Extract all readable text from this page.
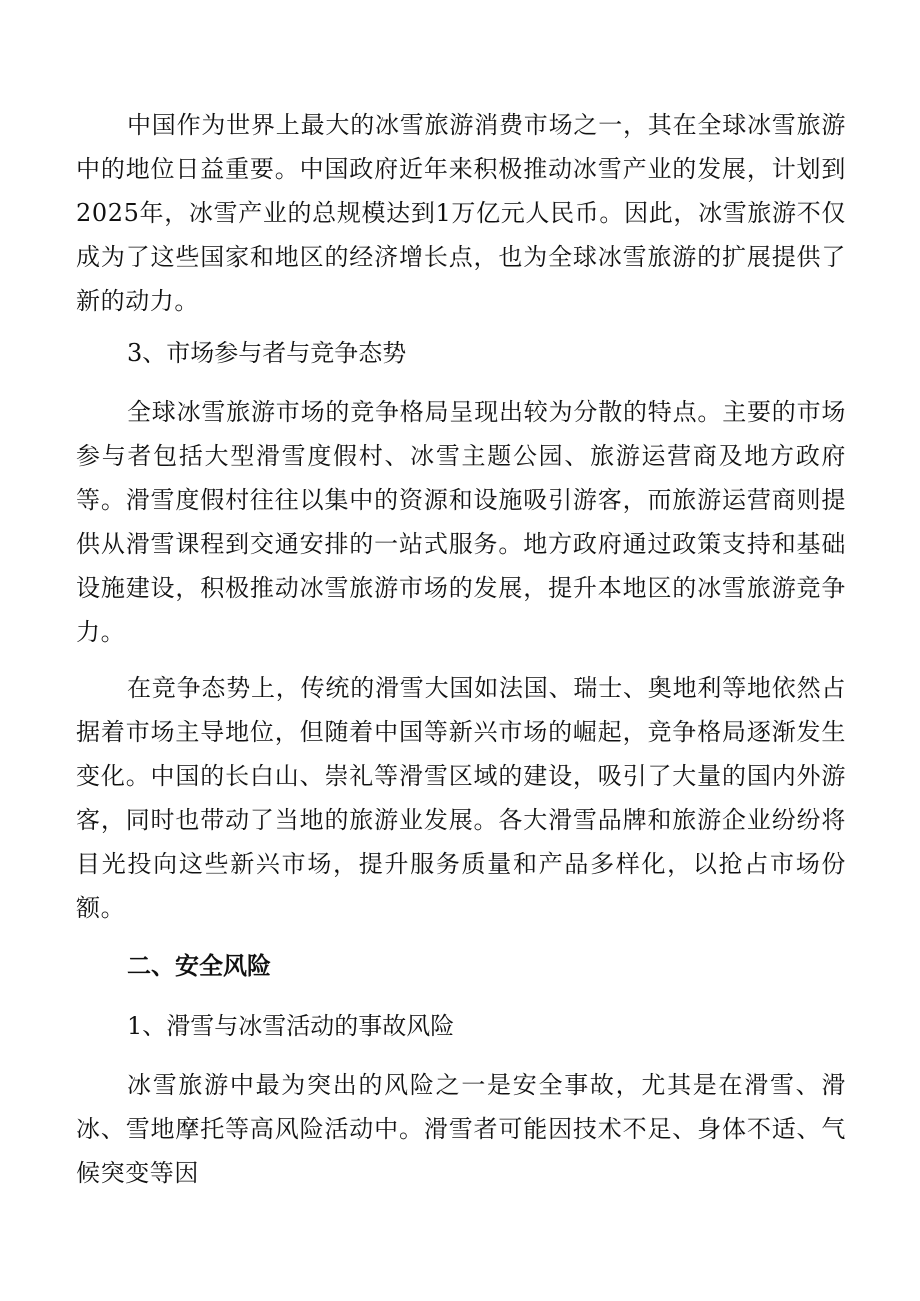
中国作为世界上最大的冰雪旅游消费市场之一，其在全球冰雪旅游中的地位日益重要。中国政府近年来积极推动冰雪产业的发展，计划到2025年，冰雪产业的总规模达到1万亿元人民币。因此，冰雪旅游不仅成为了这些国家和地区的经济增长点，也为全球冰雪旅游的扩展提供了新的动力。

3、市场参与者与竞争态势

全球冰雪旅游市场的竞争格局呈现出较为分散的特点。主要的市场参与者包括大型滑雪度假村、冰雪主题公园、旅游运营商及地方政府等。滑雪度假村往往以集中的资源和设施吸引游客，而旅游运营商则提供从滑雪课程到交通安排的一站式服务。地方政府通过政策支持和基础设施建设，积极推动冰雪旅游市场的发展，提升本地区的冰雪旅游竞争力。

在竞争态势上，传统的滑雪大国如法国、瑞士、奥地利等地依然占据着市场主导地位，但随着中国等新兴市场的崛起，竞争格局逐渐发生变化。中国的长白山、崇礼等滑雪区域的建设，吸引了大量的国内外游客，同时也带动了当地的旅游业发展。各大滑雪品牌和旅游企业纷纷将目光投向这些新兴市场，提升服务质量和产品多样化，以抢占市场份额。

二、安全风险

1、滑雪与冰雪活动的事故风险

冰雪旅游中最为突出的风险之一是安全事故，尤其是在滑雪、滑冰、雪地摩托等高风险活动中。滑雪者可能因技术不足、身体不适、气候突变等因
